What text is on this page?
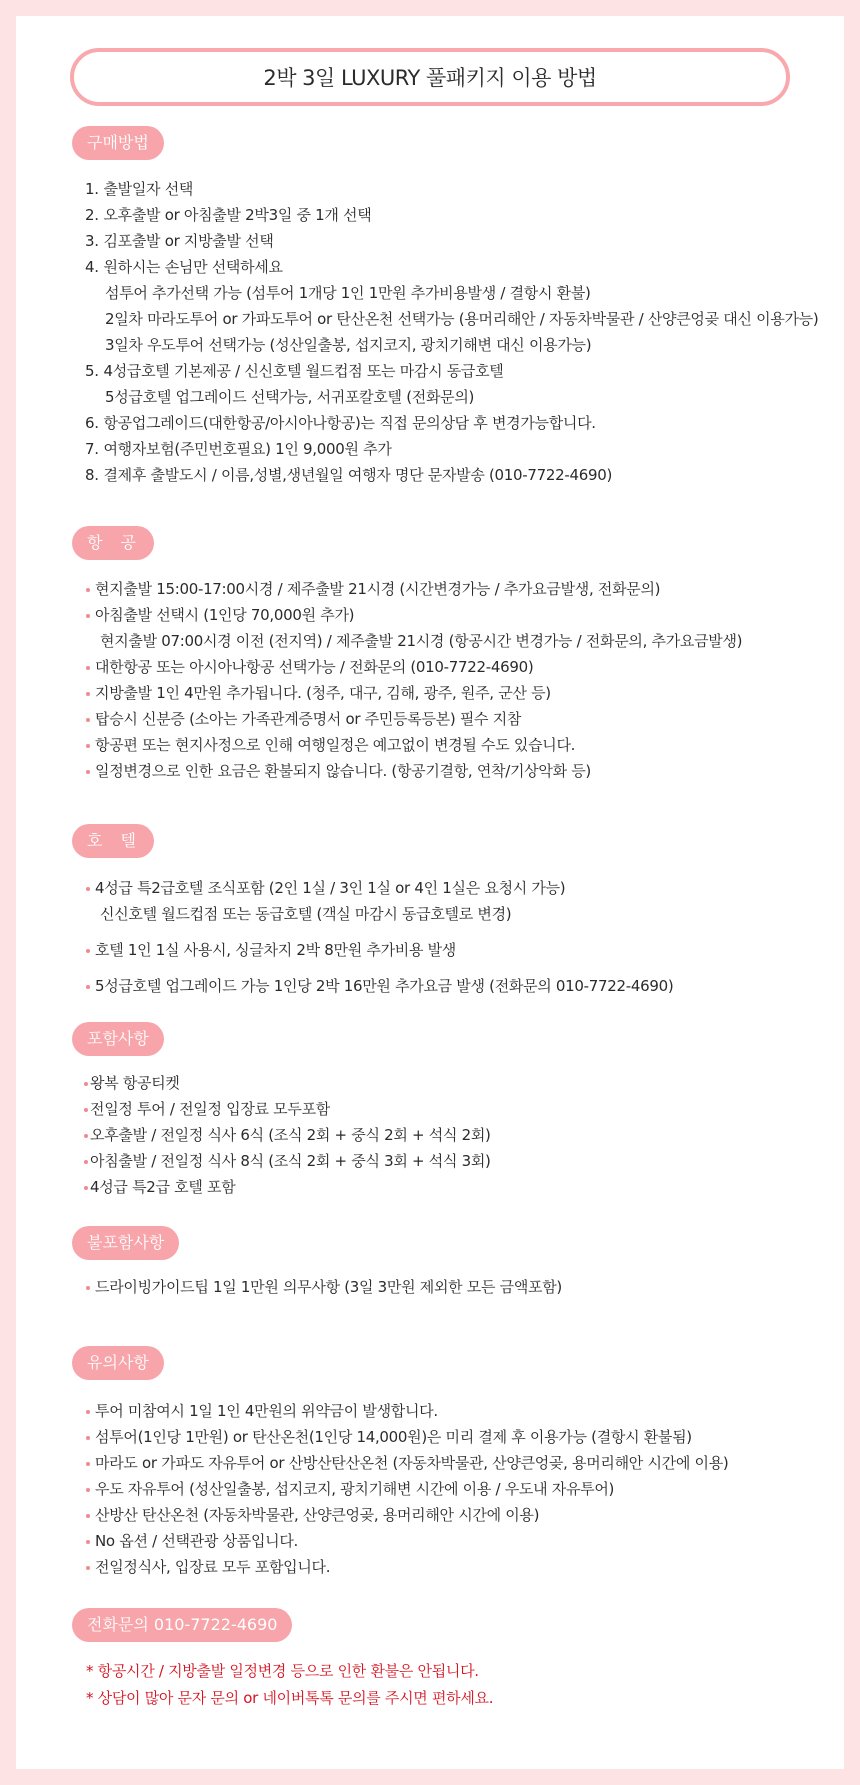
2박 3일 LUXURY 풀패키지 이용 방법
구매방법
1. 출발일자 선택
2. 오후출발 or 아침출발 2박3일 중 1개 선택
3. 김포출발 or 지방출발 선택
4. 원하시는 손님만 선택하세요
섬투어 추가선택 가능 (섬투어 1개당 1인 1만원 추가비용발생 / 결항시 환불)
2일차 마라도투어 or 가파도투어 or 탄산온천 선택가능 (용머리해안 / 자동차박물관 / 산양큰엉곶 대신 이용가능)
3일차 우도투어 선택가능 (성산일출봉, 섭지코지, 광치기해변 대신 이용가능)
5. 4성급호텔 기본제공 / 신신호텔 월드컵점 또는 마감시 동급호텔
5성급호텔 업그레이드 선택가능, 서귀포칼호텔 (전화문의)
6. 항공업그레이드(대한항공/아시아나항공)는 직접 문의상담 후 변경가능합니다.
7. 여행자보험(주민번호필요) 1인 9,000원 추가
8. 결제후 출발도시 / 이름,성별,생년월일 여행자 명단 문자발송 (010-7722-4690)
항공
현지출발 15:00-17:00시경 / 제주출발 21시경 (시간변경가능 / 추가요금발생, 전화문의)
아침출발 선택시 (1인당 70,000원 추가)
현지출발 07:00시경 이전 (전지역) / 제주출발 21시경 (항공시간 변경가능 / 전화문의, 추가요금발생)
대한항공 또는 아시아나항공 선택가능 / 전화문의 (010-7722-4690)
지방출발 1인 4만원 추가됩니다. (청주, 대구, 김해, 광주, 원주, 군산 등)
탑승시 신분증 (소아는 가족관계증명서 or 주민등록등본) 필수 지참
항공편 또는 현지사정으로 인해 여행일정은 예고없이 변경될 수도 있습니다.
일정변경으로 인한 요금은 환불되지 않습니다. (항공기결항, 연착/기상악화 등)
호텔
4성급 특2급호텔 조식포함 (2인 1실 / 3인 1실 or 4인 1실은 요청시 가능)
신신호텔 월드컵점 또는 동급호텔 (객실 마감시 동급호텔로 변경)
호텔 1인 1실 사용시, 싱글차지 2박 8만원 추가비용 발생
5성급호텔 업그레이드 가능 1인당 2박 16만원 추가요금 발생 (전화문의 010-7722-4690)
포함사항
왕복 항공티켓
전일정 투어 / 전일정 입장료 모두포함
오후출발 / 전일정 식사 6식 (조식 2회 + 중식 2회 + 석식 2회)
아침출발 / 전일정 식사 8식 (조식 2회 + 중식 3회 + 석식 3회)
4성급 특2급 호텔 포함
불포함사항
드라이빙가이드팁 1일 1만원 의무사항 (3일 3만원 제외한 모든 금액포함)
유의사항
투어 미참여시 1일 1인 4만원의 위약금이 발생합니다.
섬투어(1인당 1만원) or 탄산온천(1인당 14,000원)은 미리 결제 후 이용가능 (결항시 환불됨)
마라도 or 가파도 자유투어 or 산방산탄산온천 (자동차박물관, 산양큰엉곶, 용머리해안 시간에 이용)
우도 자유투어 (성산일출봉, 섭지코지, 광치기해변 시간에 이용 / 우도내 자유투어)
산방산 탄산온천 (자동차박물관, 산양큰엉곶, 용머리해안 시간에 이용)
No 옵션 / 선택관광 상품입니다.
전일정식사, 입장료 모두 포함입니다.
전화문의 010-7722-4690
* 항공시간 / 지방출발 일정변경 등으로 인한 환불은 안됩니다.
* 상담이 많아 문자 문의 or 네이버톡톡 문의를 주시면 편하세요.
